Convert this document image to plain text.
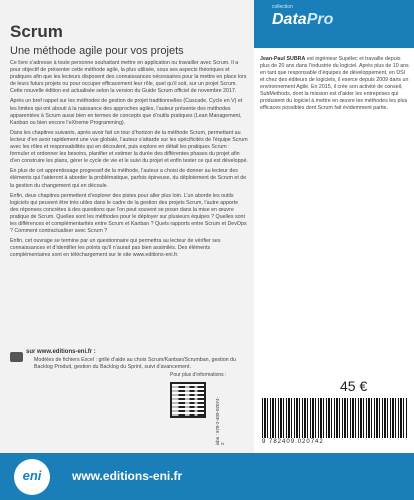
Scrum
Une méthode agile pour vos projets

Ce livre s’adresse à toute personne souhaitant mettre en application ou travailler avec Scrum. Il a pour objectif de présenter cette méthode agile, la plus utilisée, sous ses aspects théoriques et pratiques afin que les lecteurs disposent des connaissances nécessaires pour la mettre en place lors de leurs futurs projets ou pour occuper efficacement leur rôle, quel qu’il soit, sur un projet Scrum. Cette nouvelle édition est actualisée selon la version du Guide Scrum officiel de novembre 2017.

Après un bref rappel sur les méthodes de gestion de projet traditionnelles (Cascade, Cycle en V) et les limites qui ont abouti à la naissance des approches agiles, l’auteur présente des méthodes apparentées à Scrum aussi bien en termes de concepts que d’outils pratiques (Lean Management, Kanban ou bien encore l’eXtreme Programming).

Dans les chapitres suivants, après avoir fait un tour d’horizon de la méthode Scrum, permettant au lecteur d’en avoir rapidement une vue globale, l’auteur s’attarde sur les spécificités de l’équipe Scrum avec les rôles et responsabilités qui en découlent, puis explore en détail les pratiques Scrum : formuler et ordonner les besoins, planifier et estimer la durée des différentes phases du projet afin d’en construire les plans, gérer le cycle de vie et le suivi du projet et enfin tester ce qui est développé.

En plus de cet apprentissage progressif de la méthode, l’auteur a choisi de donner au lecteur des éléments qui l’aideront à aborder la problématique, parfois épineuse, du déploiement de Scrum et de la gestion du changement qui en découle.

Enfin, deux chapitres permettent d’explorer des pistes pour aller plus loin. L’un aborde les outils logiciels qui peuvent être très utiles dans le cadre de la gestion des projets Scrum, l’autre apporte des réponses concrètes à des questions que l’on peut souvent se poser dans la mise en œuvre pratique de Scrum. Quelles sont les méthodes pour le déployer sur plusieurs équipes ? Quelles sont les différences et complémentarités entre Scrum et Kanban ? Quels rapports entre Scrum et DevOps ? Comment contractualiser avec Scrum ?

Enfin, cet ouvrage se termine par un questionnaire qui permettra au lecteur de vérifier ses connaissances et d’identifier les points qu’il n’aurait pas bien assimilés. Des éléments complémentaires sont en téléchargement sur le site www.editions-eni.fr.

sur www.editions-eni.fr :
Modèles de fichiers Excel : grille d’aide au choix Scrum/Kanban/Scrumban, gestion du Backlog Produit, gestion du Backlog du Sprint, suivi d’avancement.
collection
DataPro
Jean-Paul SUBRA est ingénieur Supélec et travaille depuis plus de 20 ans dans l’industrie du logiciel. Après plus de 10 ans en tant que responsable d’équipes de développement, en DSI et chez des éditeurs de logiciels, il exerce depuis 2009 dans un environnement Agile. En 2015, il crée son activité de conseil, SubMethods, dont la mission est d’aider les entreprises qui produisent du logiciel à mettre en œuvre les méthodes les plus efficaces possibles dont Scrum fait évidemment partie.
45 €
Pour plus d’informations :
isbn : 978-2-409-02074-2	9 782409 020742
eni	www.editions-eni.fr
